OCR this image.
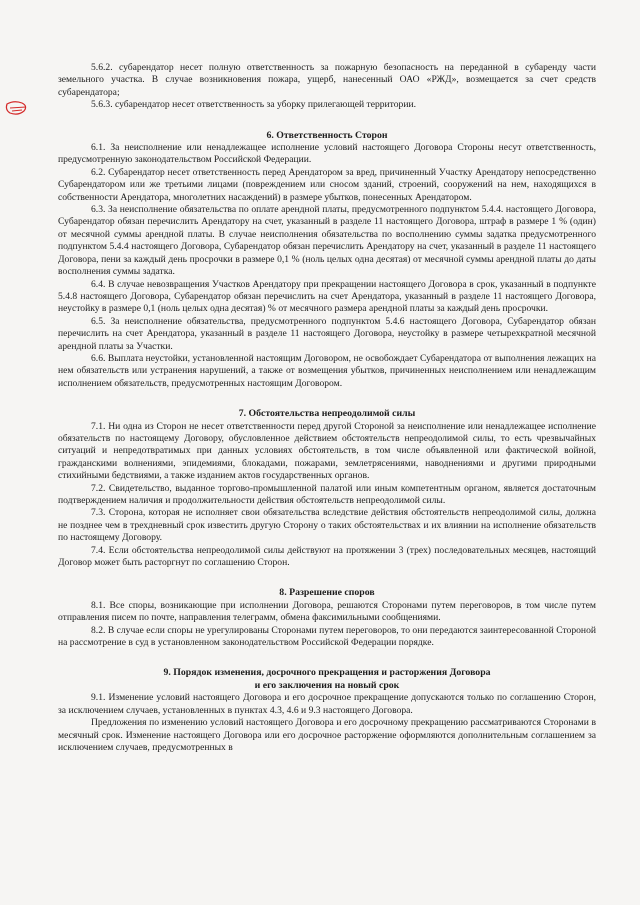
5.6.2. субарендатор несет полную ответственность за пожарную безопасность на переданной в субаренду части земельного участка. В случае возникновения пожара, ущерб, нанесенный ОАО «РЖД», возмещается за счет средств субарендатора;

5.6.3. субарендатор несет ответственность за уборку прилегающей территории.

6. Ответственность Сторон

6.1. За неисполнение или ненадлежащее исполнение условий настоящего Договора Стороны несут ответственность, предусмотренную законодательством Российской Федерации.

6.2. Субарендатор несет ответственность перед Арендатором за вред, причиненный Участку Арендатору непосредственно Субарендатором или же третьими лицами (повреждением или сносом зданий, строений, сооружений на нем, находящихся в собственности Арендатора, многолетних насаждений) в размере убытков, понесенных Арендатором.

6.3. За неисполнение обязательства по оплате арендной платы, предусмотренного подпунктом 5.4.4. настоящего Договора, Субарендатор обязан перечислить Арендатору на счет, указанный в разделе 11 настоящего Договора, штраф в размере 1 % (один) от месячной суммы арендной платы. В случае неисполнения обязательства по восполнению суммы задатка предусмотренного подпунктом 5.4.4 настоящего Договора, Субарендатор обязан перечислить Арендатору на счет, указанный в разделе 11 настоящего Договора, пени за каждый день просрочки в размере 0,1 % (ноль целых одна десятая) от месячной суммы арендной платы до даты восполнения суммы задатка.

6.4. В случае невозвращения Участков Арендатору при прекращении настоящего Договора в срок, указанный в подпункте 5.4.8 настоящего Договора, Субарендатор обязан перечислить на счет Арендатора, указанный в разделе 11 настоящего Договора, неустойку в размере 0,1 (ноль целых одна десятая) % от месячного размера арендной платы за каждый день просрочки.

6.5. За неисполнение обязательства, предусмотренного подпунктом 5.4.6 настоящего Договора, Субарендатор обязан перечислить на счет Арендатора, указанный в разделе 11 настоящего Договора, неустойку в размере четырехкратной месячной арендной платы за Участки.

6.6. Выплата неустойки, установленной настоящим Договором, не освобождает Субарендатора от выполнения лежащих на нем обязательств или устранения нарушений, а также от возмещения убытков, причиненных неисполнением или ненадлежащим исполнением обязательств, предусмотренных настоящим Договором.

7. Обстоятельства непреодолимой силы

7.1. Ни одна из Сторон не несет ответственности перед другой Стороной за неисполнение или ненадлежащее исполнение обязательств по настоящему Договору, обусловленное действием обстоятельств непреодолимой силы, то есть чрезвычайных ситуаций и непредотвратимых при данных условиях обстоятельств, в том числе объявленной или фактической войной, гражданскими волнениями, эпидемиями, блокадами, пожарами, землетрясениями, наводнениями и другими природными стихийными бедствиями, а также изданием актов государственных органов.

7.2. Свидетельство, выданное торгово-промышленной палатой или иным компетентным органом, является достаточным подтверждением наличия и продолжительности действия обстоятельств непреодолимой силы.

7.3. Сторона, которая не исполняет свои обязательства вследствие действия обстоятельств непреодолимой силы, должна не позднее чем в трехдневный срок известить другую Сторону о таких обстоятельствах и их влиянии на исполнение обязательств по настоящему Договору.

7.4. Если обстоятельства непреодолимой силы действуют на протяжении 3 (трех) последовательных месяцев, настоящий Договор может быть расторгнут по соглашению Сторон.

8. Разрешение споров

8.1. Все споры, возникающие при исполнении Договора, решаются Сторонами путем переговоров, в том числе путем отправления писем по почте, направления телеграмм, обмена факсимильными сообщениями.

8.2. В случае если споры не урегулированы Сторонами путем переговоров, то они передаются заинтересованной Стороной на рассмотрение в суд в установленном законодательством Российской Федерации порядке.

9. Порядок изменения, досрочного прекращения и расторжения Договора
и его заключения на новый срок

9.1. Изменение условий настоящего Договора и его досрочное прекращение допускаются только по соглашению Сторон, за исключением случаев, установленных в пунктах 4.3, 4.6 и 9.3 настоящего Договора.

Предложения по изменению условий настоящего Договора и его досрочному прекращению рассматриваются Сторонами в месячный срок. Изменение настоящего Договора или его досрочное расторжение оформляются дополнительным соглашением за исключением случаев, предусмотренных в
